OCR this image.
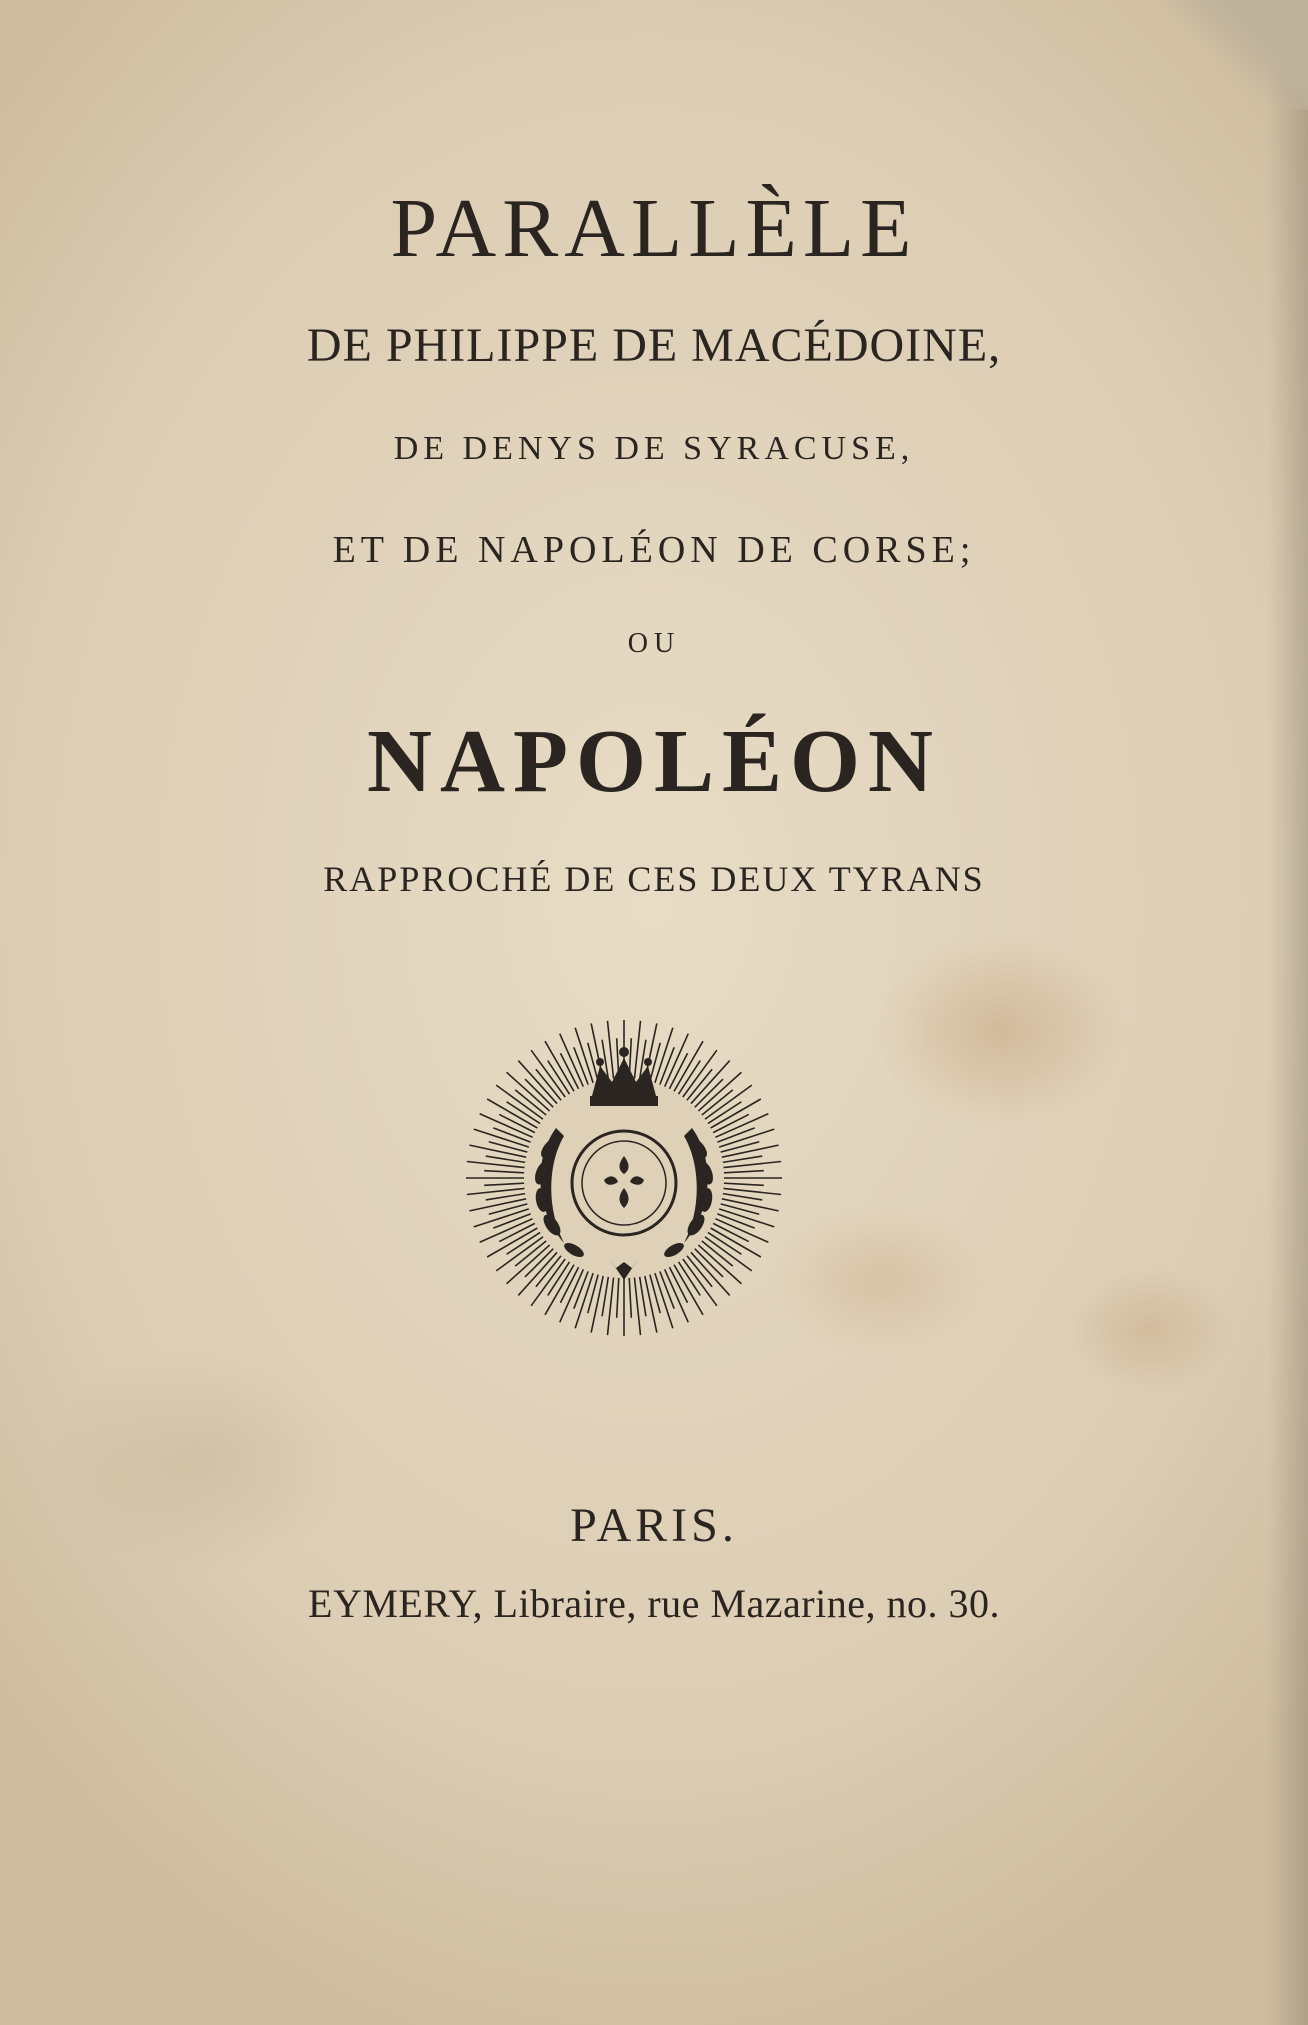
PARALLÈLE
DE PHILIPPE DE MACÉDOINE,
DE DENYS DE SYRACUSE,
ET DE NAPOLÉON DE CORSE;
OU
NAPOLÉON
RAPPROCHÉ DE CES DEUX TYRANS
PARIS.
EYMERY, Libraire, rue Mazarine, no. 30.
